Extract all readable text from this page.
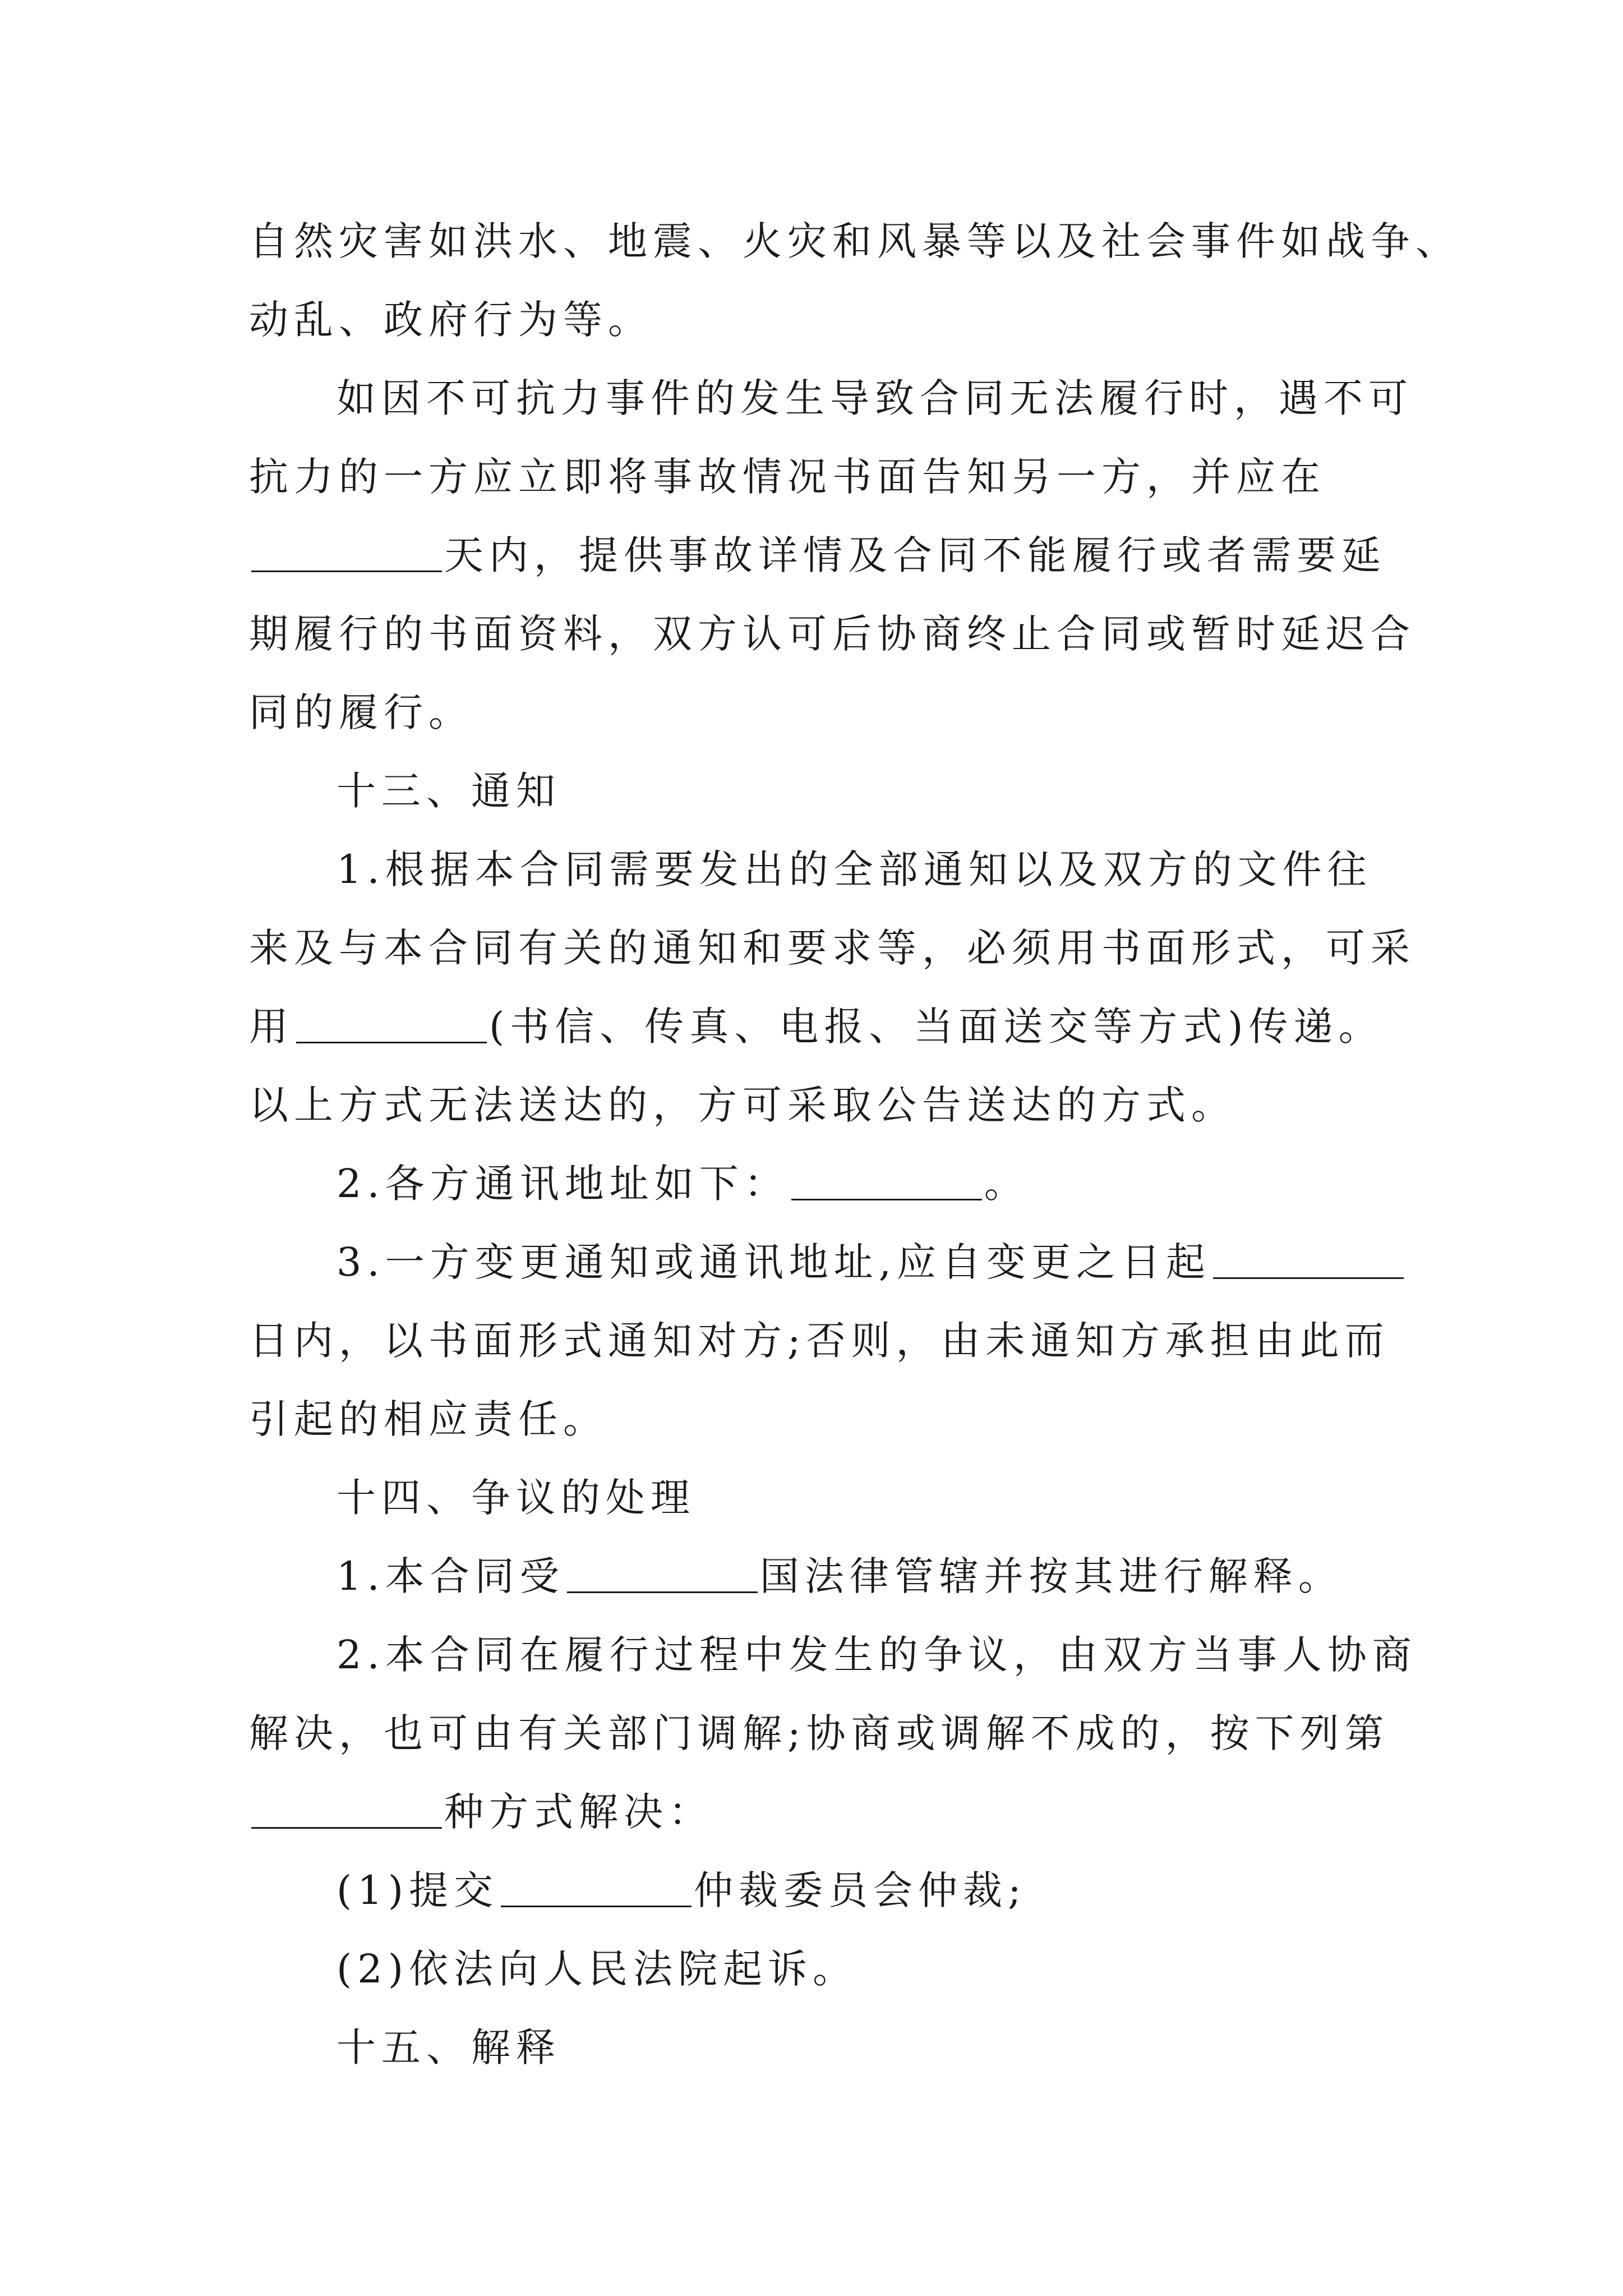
自然灾害如洪水、地震、火灾和风暴等以及社会事件如战争、
动乱、政府行为等。
如因不可抗力事件的发生导致合同无法履行时，遇不可
抗力的一方应立即将事故情况书面告知另一方，并应在
天内，提供事故详情及合同不能履行或者需要延
期履行的书面资料，双方认可后协商终止合同或暂时延迟合
同的履行。
十三、通知
1.根据本合同需要发出的全部通知以及双方的文件往
来及与本合同有关的通知和要求等，必须用书面形式，可采
用	(书信、传真、电报、当面送交等方式)传递。
以上方式无法送达的，方可采取公告送达的方式。
2.各方通讯地址如下：	。
3.一方变更通知或通讯地址,应自变更之日起
日内，以书面形式通知对方;否则，由未通知方承担由此而
引起的相应责任。
十四、争议的处理
1.本合同受	国法律管辖并按其进行解释。
2.本合同在履行过程中发生的争议，由双方当事人协商
解决，也可由有关部门调解;协商或调解不成的，按下列第
种方式解决：
(1)提交	仲裁委员会仲裁;
(2)依法向人民法院起诉。
十五、解释
